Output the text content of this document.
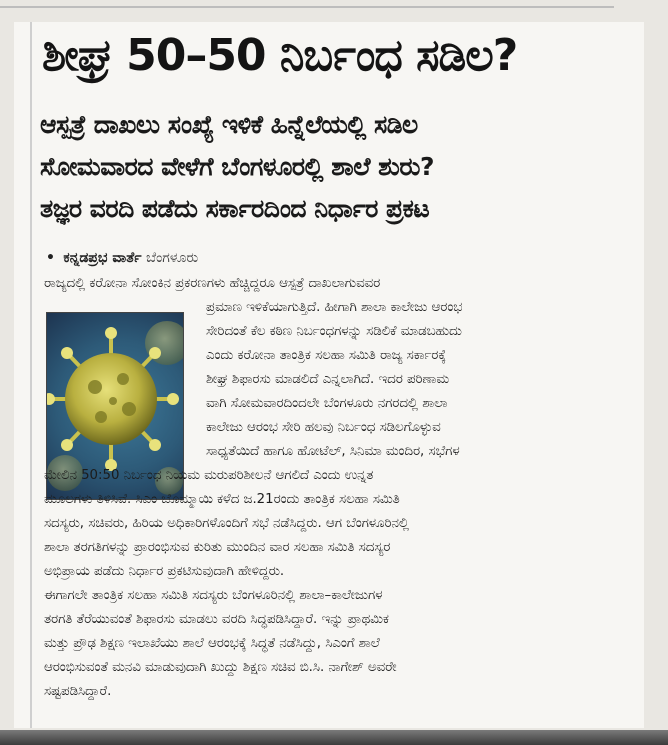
ಶೀಘ್ರ 50–50 ನಿರ್ಬಂಧ ಸಡಿಲ?
ಆಸ್ಪತ್ರೆ ದಾಖಲು ಸಂಖ್ಯೆ ಇಳಿಕೆ ಹಿನ್ನೆಲೆಯಲ್ಲಿ ಸಡಿಲ
ಸೋಮವಾರದ ವೇಳೆಗೆ ಬೆಂಗಳೂರಲ್ಲಿ ಶಾಲೆ ಶುರು?
ತಜ್ಞರ ವರದಿ ಪಡೆದು ಸರ್ಕಾರದಿಂದ ನಿರ್ಧಾರ ಪ್ರಕಟ
• ಕನ್ನಡಪ್ರಭ ವಾರ್ತೆ ಬೆಂಗಳೂರು

ರಾಜ್ಯದಲ್ಲಿ ಕರೋನಾ ಸೋಂಕಿನ ಪ್ರಕರಣಗಳು ಹೆಚ್ಚಿದ್ದರೂ ಆಸ್ಪತ್ರೆ ದಾಖಲಾಗುವವರ
ಪ್ರಮಾಣ ಇಳಿಕೆಯಾಗುತ್ತಿದೆ. ಹೀಗಾಗಿ ಶಾಲಾ ಕಾಲೇಜು ಆರಂಭ
ಸೇರಿದಂತೆ ಕೆಲ ಕಠಿಣ ನಿರ್ಬಂಧಗಳನ್ನು ಸಡಿಲಿಕೆ ಮಾಡಬಹುದು
ಎಂದು ಕರೋನಾ ತಾಂತ್ರಿಕ ಸಲಹಾ ಸಮಿತಿ ರಾಜ್ಯ ಸರ್ಕಾರಕ್ಕೆ
ಶೀಘ್ರ ಶಿಫಾರಸು ಮಾಡಲಿದೆ ಎನ್ನಲಾಗಿದೆ. ಇದರ ಪರಿಣಾಮ
ವಾಗಿ ಸೋಮವಾರದಿಂದಲೇ ಬೆಂಗಳೂರು ನಗರದಲ್ಲಿ ಶಾಲಾ
ಕಾಲೇಜು ಆರಂಭ ಸೇರಿ ಹಲವು ನಿರ್ಬಂಧ ಸಡಿಲಗೊಳ್ಳುವ
ಸಾಧ್ಯತೆಯಿದೆ ಹಾಗೂ ಹೋಟೆಲ್, ಸಿನಿಮಾ ಮಂದಿರ, ಸಭೆಗಳ
ಮೇಲಿನ 50:50 ನಿರ್ಬಂಧ ನಿಯಮ ಮರುಪರಿಶೀಲನೆ ಆಗಲಿದೆ ಎಂದು ಉನ್ನತ
ಮೂಲಗಳು ತಿಳಿಸಿವೆ. ಸಿಎಂ ಬೊಮ್ಮಾಯಿ ಕಳೆದ ಜ.21ರಂದು ತಾಂತ್ರಿಕ ಸಲಹಾ ಸಮಿತಿ
ಸದಸ್ಯರು, ಸಚಿವರು, ಹಿರಿಯ ಅಧಿಕಾರಿಗಳೊಂದಿಗೆ ಸಭೆ ನಡೆಸಿದ್ದರು. ಆಗ ಬೆಂಗಳೂರಿನಲ್ಲಿ
ಶಾಲಾ ತರಗತಿಗಳನ್ನು ಪ್ರಾರಂಭಿಸುವ ಕುರಿತು ಮುಂದಿನ ವಾರ ಸಲಹಾ ಸಮಿತಿ ಸದಸ್ಯರ
ಅಭಿಪ್ರಾಯ ಪಡೆದು ನಿರ್ಧಾರ ಪ್ರಕಟಿಸುವುದಾಗಿ ಹೇಳಿದ್ದರು.

ಈಗಾಗಲೇ ತಾಂತ್ರಿಕ ಸಲಹಾ ಸಮಿತಿ ಸದಸ್ಯರು ಬೆಂಗಳೂರಿನಲ್ಲಿ ಶಾಲಾ–ಕಾಲೇಜುಗಳ
ತರಗತಿ ತೆರೆಯುವಂತೆ ಶಿಫಾರಸು ಮಾಡಲು ವರದಿ ಸಿದ್ಧಪಡಿಸಿದ್ದಾರೆ. ಇನ್ನು ಪ್ರಾಥಮಿಕ
ಮತ್ತು ಪ್ರೌಢ ಶಿಕ್ಷಣ ಇಲಾಖೆಯು ಶಾಲೆ ಆರಂಭಕ್ಕೆ ಸಿದ್ಧತೆ ನಡೆಸಿದ್ದು, ಸಿಎಂಗೆ ಶಾಲೆ
ಆರಂಭಿಸುವಂತೆ ಮನವಿ ಮಾಡುವುದಾಗಿ ಖುದ್ದು ಶಿಕ್ಷಣ ಸಚಿವ ಬಿ.ಸಿ. ನಾಗೇಶ್ ಅವರೇ
ಸಷ್ಟಪಡಿಸಿದ್ದಾರೆ.
